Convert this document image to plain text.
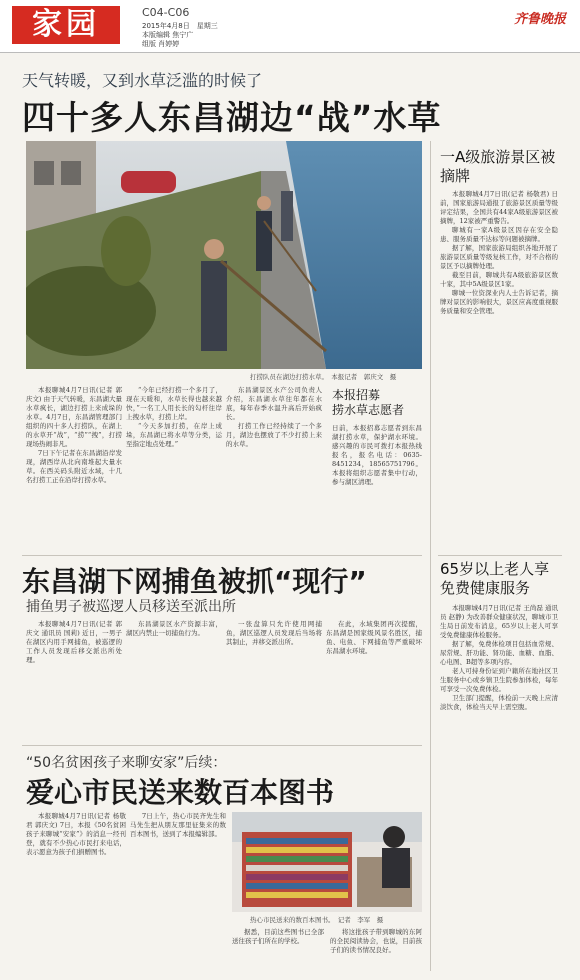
家园	C04-C06
2015年4月8日　星期三
本版编辑 焦宁广
组版 肖婷婷
齐鲁晚报
天气转暖，又到水草泛滥的时候了
四十多人东昌湖边“战”水草
打捞队员在湖边打捞水草。　本报记者　郭庆文　摄

本报聊城4月7日讯(记者 郭庆文) 由于天气转暖，东昌湖大量水草疯长，湖边打捞上来成垛的水草。4月7日，东昌湖管理部门组织的四十多人打捞队，在湖上的水草开“战”，“捞”“拽”，打捞现场热闹非凡。

7日下午记者在东昌湖沿岸发现，湖西岸从北向南堆起大量水草。在西关码头附近水域，十几名打捞工正在沿岸打捞水草。

“今年已经打捞一个多月了，现在天暖和，水草长得也越来越快，”一名工人用长长的勾杆往岸上拽水草，打捞上岸。

“今天多加打捞，在岸上成垛，东昌湖已将水草等分类，运至指定地点处理。”

东昌湖景区水产公司负责人介绍，东昌湖水草往年都在水底，每年春季水温升高后开始疯长。

打捞工作已经持续了一个多月，湖边也摆放了不少打捞上来的水草。

本报招募
捞水草志愿者
日前，本报招募志愿者到东昌湖打捞水草，保护湖水环境。感兴趣的市民可拨打本报热线报名，报名电话：0635-8451234，18565751796。本报将组织志愿者集中行动，参与湖区清理。
一A级旅游景区被摘牌

本报聊城4月7日讯(记者 杨敬君) 日前，国家旅游局通报了旅游景区质量等级评定结果，全国共有44家A级旅游景区被摘牌，12家被严重警告。

聊城有一家A级景区因存在安全隐患、服务质量不达标等问题被摘牌。

据了解，国家旅游局组织各地开展了旅游景区质量等级复核工作，对不合格的景区予以摘牌处理。

截至目前，聊城共有A级旅游景区数十家，其中5A级景区1家。

聊城一位资深业内人士告诉记者，摘牌对景区的影响很大，景区应高度重视服务质量和安全管理。

东昌湖下网捕鱼被抓“现行”
捕鱼男子被巡逻人员移送至派出所

本报聊城4月7日讯(记者 郭庆文 通讯员 国莉) 近日，一男子在湖区内用手网捕鱼，被巡逻的工作人员发现后移交派出所处理。

东昌湖景区水产资源丰富，湖区内禁止一切捕鱼行为。

一张盘算只允许使用网捕鱼，湖区巡逻人员发现后当场将其制止，并移交派出所。

在此，水域集团再次提醒，东昌湖是国家级风景名胜区，捕鱼、电鱼、下网捕鱼等严重破坏东昌湖水环境。

65岁以上老人享免费健康服务

本报聊城4月7日讯(记者 王尚磊 通讯员 赵静) 为改善群众健康状况，聊城市卫生局日前发布消息，65岁以上老人可享受免费健康体检服务。

据了解，免费体检项目包括血常规、尿常规、肝功能、肾功能、血糖、血脂、心电图、B超等多项内容。

老人可持身份证到户籍所在地社区卫生服务中心或乡镇卫生院参加体检，每年可享受一次免费体检。

卫生部门提醒，体检前一天晚上应清淡饮食，体检当天早上需空腹。

“50名贫困孩子来聊安家”后续：
爱心市民送来数百本图书

本报聊城4月7日讯(记者 杨敬君 郭庆文) 7日，本报《50名贫困孩子来聊城“安家”》的消息一经刊登，就有不少热心市民打来电话，表示愿意为孩子们捐赠图书。

7日上午，热心市民齐先生和马先生把从朋友那里征集来的数百本图书，送到了本报编辑部。

热心市民送来的数百本图书。　记者　李军　摄

据悉，目前这些图书已全部送往孩子们所在的学校。

将这批孩子带到聊城的东阿的全民阅读协会，也说，目前孩子们的读书情况良好。
